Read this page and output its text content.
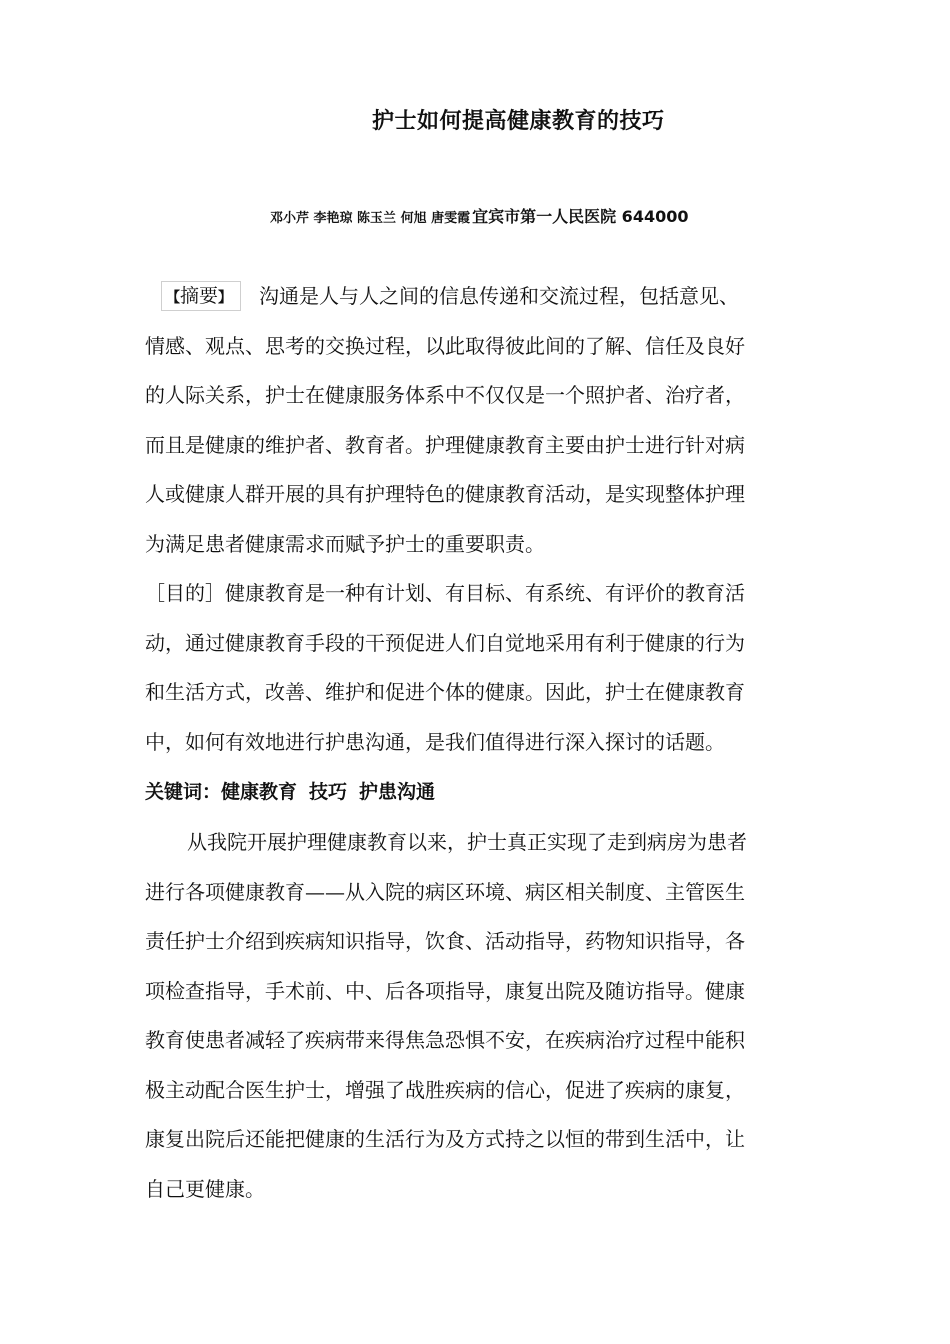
护士如何提高健康教育的技巧
邓小芹 李艳琼 陈玉兰 何旭 唐雯霞 宜宾市第一人民医院 644000
【摘要】 沟通是人与人之间的信息传递和交流过程，包括意见、
情感、观点、思考的交换过程，以此取得彼此间的了解、信任及良好
的人际关系，护士在健康服务体系中不仅仅是一个照护者、治疗者，
而且是健康的维护者、教育者。护理健康教育主要由护士进行针对病
人或健康人群开展的具有护理特色的健康教育活动，是实现整体护理
为满足患者健康需求而赋予护士的重要职责。
［目的］健康教育是一种有计划、有目标、有系统、有评价的教育活
动，通过健康教育手段的干预促进人们自觉地采用有利于健康的行为
和生活方式，改善、维护和促进个体的健康。因此，护士在健康教育
中，如何有效地进行护患沟通，是我们值得进行深入探讨的话题。
关键词：健康教育 技巧 护患沟通
从我院开展护理健康教育以来，护士真正实现了走到病房为患者
进行各项健康教育——从入院的病区环境、病区相关制度、主管医生
责任护士介绍到疾病知识指导，饮食、活动指导，药物知识指导，各
项检查指导，手术前、中、后各项指导，康复出院及随访指导。健康
教育使患者减轻了疾病带来得焦急恐惧不安，在疾病治疗过程中能积
极主动配合医生护士，增强了战胜疾病的信心，促进了疾病的康复，
康复出院后还能把健康的生活行为及方式持之以恒的带到生活中，让
自己更健康。
